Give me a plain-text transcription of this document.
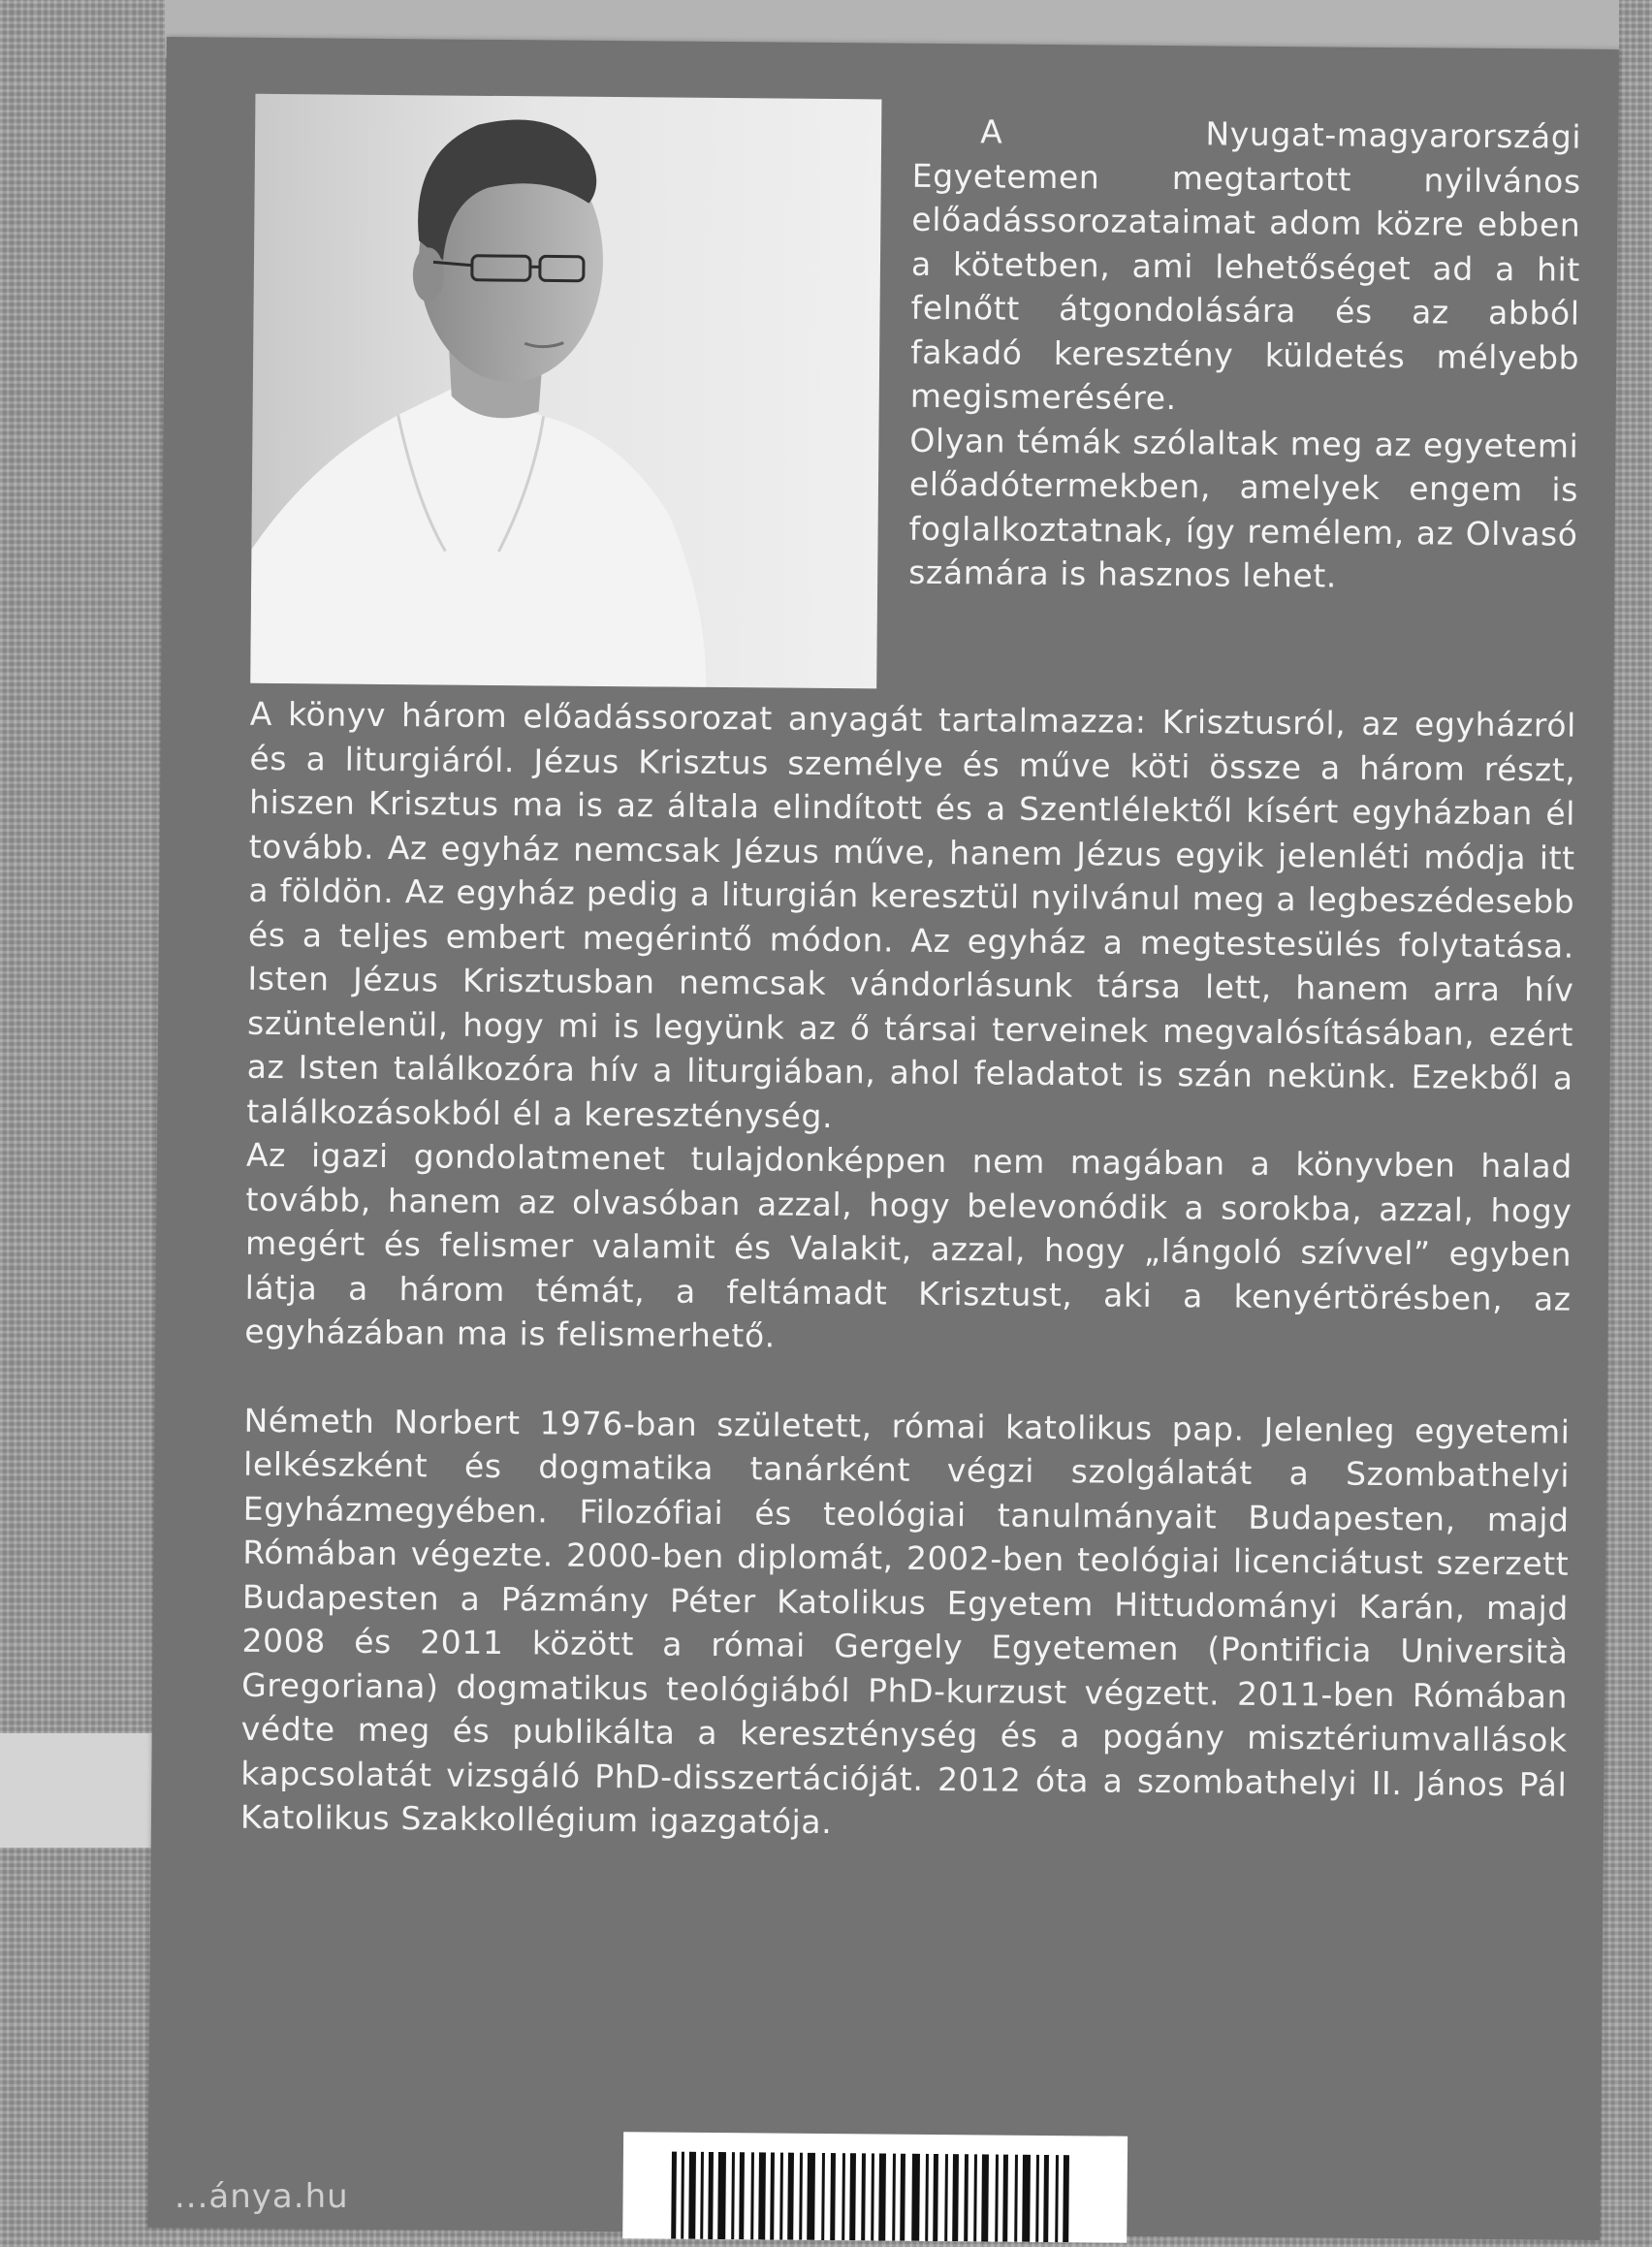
A Nyugat-magyarországi Egyetemen megtartott nyilvános előadássorozataimat adom közre ebben a kötetben, ami lehetőséget ad a hit felnőtt átgondolására és az abból fakadó keresztény küldetés mélyebb megismerésére.

Olyan témák szólaltak meg az egyetemi előadótermekben, amelyek engem is foglalkoztatnak, így remélem, az Olvasó számára is hasznos lehet.

A könyv három előadássorozat anyagát tartalmazza: Krisztusról, az egyházról és a liturgiáról. Jézus Krisztus személye és műve köti össze a három részt, hiszen Krisztus ma is az általa elindított és a Szentlélektől kísért egyházban él tovább. Az egyház nemcsak Jézus műve, hanem Jézus egyik jelenléti módja itt a földön. Az egyház pedig a liturgián keresztül nyilvánul meg a legbeszédesebb és a teljes embert megérintő módon. Az egyház a megtestesülés folytatása. Isten Jézus Krisztusban nemcsak vándorlásunk társa lett, hanem arra hív szüntelenül, hogy mi is legyünk az ő társai terveinek megvalósításában, ezért az Isten találkozóra hív a liturgiában, ahol feladatot is szán nekünk. Ezekből a találkozásokból él a kereszténység.

Az igazi gondolatmenet tulajdonképpen nem magában a könyvben halad tovább, hanem az olvasóban azzal, hogy belevonódik a sorokba, azzal, hogy megért és felismer valamit és Valakit, azzal, hogy „lángoló szívvel” egyben látja a három témát, a feltámadt Krisztust, aki a kenyértörésben, az egyházában ma is felismerhető.

Németh Norbert 1976-ban született, római katolikus pap. Jelenleg egyetemi lelkészként és dogmatika tanárként végzi szolgálatát a Szombathelyi Egyházmegyében. Filozófiai és teológiai tanulmányait Budapesten, majd Rómában végezte. 2000-ben diplomát, 2002-ben teológiai licenciátust szerzett Budapesten a Pázmány Péter Katolikus Egyetem Hittudományi Karán, majd 2008 és 2011 között a római Gergely Egyetemen (Pontificia Università Gregoriana) dogmatikus teológiából PhD-kurzust végzett. 2011-ben Rómában védte meg és publikálta a kereszténység és a pogány misztériumvallások kapcsolatát vizsgáló PhD-disszertációját. 2012 óta a szombathelyi II. János Pál Katolikus Szakkollégium igazgatója.

...ánya.hu
